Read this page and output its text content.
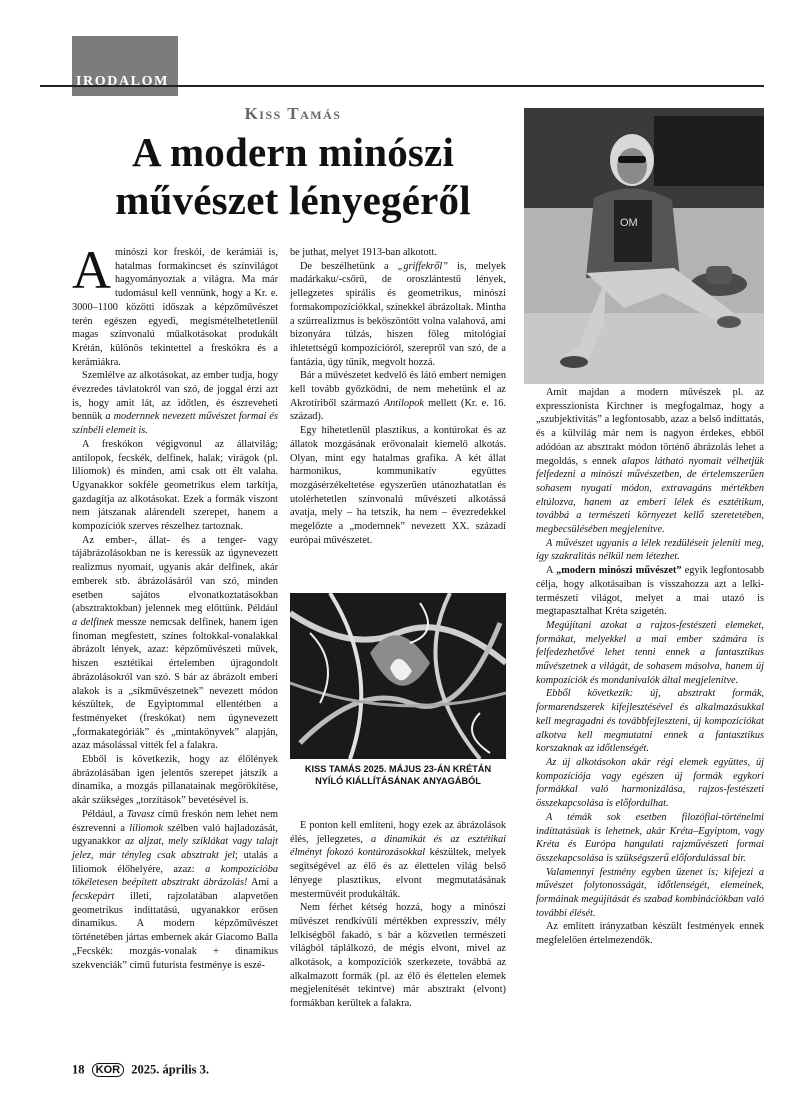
IRODALOM
Kiss Tamás
A modern minószi művészet lényegéről	OM

Aminószi kor freskói, de kerámiái is, hatalmas formakincset és színvilágot hagyományoztak a világra. Ma már tudomásul kell vennünk, hogy a Kr. e. 3000–1100 közötti időszak a képzőművészet terén egészen egyedi, megismételhetetlenül magas színvonalú műalkotásokat produkált Krétán, különös tekintettel a freskókra és a kerámiákra.

Szemlélve az alkotásokat, az ember tudja, hogy évezredes távlatokról van szó, de joggal érzi azt is, hogy amit lát, az időtlen, és észreveheti bennük a modernnek nevezett művészet formai és színbéli elemeit is.

A freskókon végigvonul az állatvilág; antilopok, fecskék, delfinek, halak; virágok (pl. liliomok) és minden, ami csak ott élt valaha. Ugyanakkor sokféle geometrikus elem tarkítja, gazdagítja az alkotásokat. Ezek a formák viszont nem játszanak alárendelt szerepet, hanem a kompozíciók szerves részelhez tartoznak.

Az ember-, állat- és a tenger- vagy tájábrázolásokban ne is keressük az úgynevezett realizmus nyomait, ugyanis akár delfinek, akár emberek stb. ábrázolásáról van szó, minden esetben sajátos elvonatkoztatásokban (absztraktokban) jelennek meg előttünk. Például a delfinek messze nemcsak delfinek, hanem igen finoman megfestett, színes foltokkal-vonalakkal ábrázolt lények, azaz: képzőművészeti művek, hiszen esztétikai értelemben újragondolt ábrázolásokról van szó. S bár az ábrázolt emberi alakok is a „síkművészetnek” nevezett módon készültek, de Egyiptommal ellentétben a festményeket (freskókat) nem úgynevezett „formakategóriák” és „mintakönyvek” alapján, azaz másolással vitték fel a falakra.

Ebből is következik, hogy az élőlények ábrázolásában igen jelentős szerepet játszik a dinamika, a mozgás pillanatainak megörökítése, akár szükséges „torzítások” bevetésével is.

Például, a Tavasz című freskón nem lehet nem észrevenni a liliomok szélben való hajladozását, ugyanakkor az aljzat, mely sziklákat vagy talajt jelez, már tényleg csak absztrakt jel; utalás a liliomok élőhelyére, azaz: a kompozícióba tökéletesen beépített absztrakt ábrázolás! Ami a fecskepárt illeti, rajzolatában alapvetően geometrikus indíttatású, ugyanakkor erősen dinamikus. A modern képzőművészet történetében jártas embernek akár Giacomo Balla „Fecskék: mozgás-vonalak + dinamikus szekvenciák” című futurista festménye is eszé-

be juthat, melyet 1913-ban alkotott.

De beszélhetünk a „griffekről” is, melyek madárkaku/-csőrű, de oroszlántestű lények, jellegzetes spirális és geometrikus, minószi formakompozíciókkal, színekkel ábrázoltak. Mintha a szürrealizmus is beköszöntött volna valahová, ami bizonyára túlzás, hiszen főleg mitológiai ihletettségű kompozícióról, szerepről van szó, de a fantázia, úgy tűnik, megvolt hozzá.

Bár a művészetet kedvelő és látó embert nemigen kell tovább győzködni, de nem mehetünk el az Akrotíriből származó Antilopok mellett (Kr. e. 16. század).

Egy hihetetlenül plasztikus, a kontúrokat és az állatok mozgásának erővonalait kiemelő alkotás. Olyan, mint egy hatalmas grafika. A két állat harmonikus, kommunikatív együttes mozgásérzékeltetése egyszerűen utánozhatatlan és utolérhetetlen színvonalú művészeti alkotássá avatja, mely – ha tetszik, ha nem – évezredekkel megelőzte a „modernnek” nevezett XX. századi európai művészetet.

KISS TAMÁS 2025. MÁJUS 23-ÁN KRÉTÁN NYÍLÓ KIÁLLÍTÁSÁNAK ANYAGÁBÓL

E ponton kell említeni, hogy ezek az ábrázolások élés, jellegzetes, a dinamikát és az esztétikai élményt fokozó kontúrozásokkal készültek, melyek segítségével az élő és az élettelen világ belső lényege plasztikus, elvont megmutatásának mestermüvéit produkálták.

Nem férhet kétség hozzá, hogy a minószi művészet rendkívüli mértékben expresszív, mély lelkiségből fakadó, s bár a közvetlen természeti világból táplálkozó, de mégis elvont, mivel az alkotások, a kompozíciók szerkezete, továbbá az alkalmazott formák (pl. az élő és élettelen elemek megjelenítését tekintve) már absztrakt (elvont) formákban kerültek a falakra.

Amit majdan a modern művészek pl. az expresszionista Kirchner is megfogalmaz, hogy a „szubjektivitás” a legfontosabb, azaz a belső indíttatás, és a külvilág már nem is nagyon érdekes, ebből adódóan az absztrakt módon történő ábrázolás lehet a megoldás, s ennek alapos látható nyomait vélhetjük felfedezni a minószi művészetben, de értelemszerűen sohasem nyugati módon, extravagáns mértékben eltúlozva, hanem az emberi lélek és esztétikum, továbbá a természeti környezet kellő szeretetében, megbecsülésében megjelenítve.

A művészet ugyanis a lélek rezdüléseit jeleníti meg, így szakralitás nélkül nem létezhet.

A „modern minószi művészet” egyik legfontosabb célja, hogy alkotásaiban is visszahozza azt a lelki-természeti világot, melyet a mai utazó is megtapasztalhat Kréta szigetén.

Megújítani azokat a rajzos-festészeti elemeket, formákat, melyekkel a mai ember számára is felfedezhetővé lehet tenni ennek a fantasztikus művészetnek a világát, de sohasem másolva, hanem új kompozíciók és mondanivalók által megjelenítve.

Ebből következik: új, absztrakt formák, formarendszerek kifejlesztésével és alkalmazásukkal kell megragadni és továbbfejleszteni, új kompozíciókat alkotva kell megmutatni ennek a fantasztikus korszaknak az időtlenségét.

Az új alkotásokon akár régi elemek együttes, új kompozíciója vagy egészen új formák egykori formákkal való harmonizálása, rajzos-festészeti összekapcsolása is előfordulhat.

A témák sok esetben filozófiai-történelmi indíttatásúak is lehetnek, akár Kréta–Egyiptom, vagy Kréta és Európa hangulati rajzművészeti formai összekapcsolása is szükségszerű előfordulással bír.

Valamennyi festmény egyben üzenet is; kifejezi a művészet folytonosságát, időtlenségét, elemeinek, formáinak megújítását és szabad kombinációkban való további élését.

Az említett irányzatban készült festmények ennek megfelelően értelmezendők.

18 KOR 2025. április 3.
